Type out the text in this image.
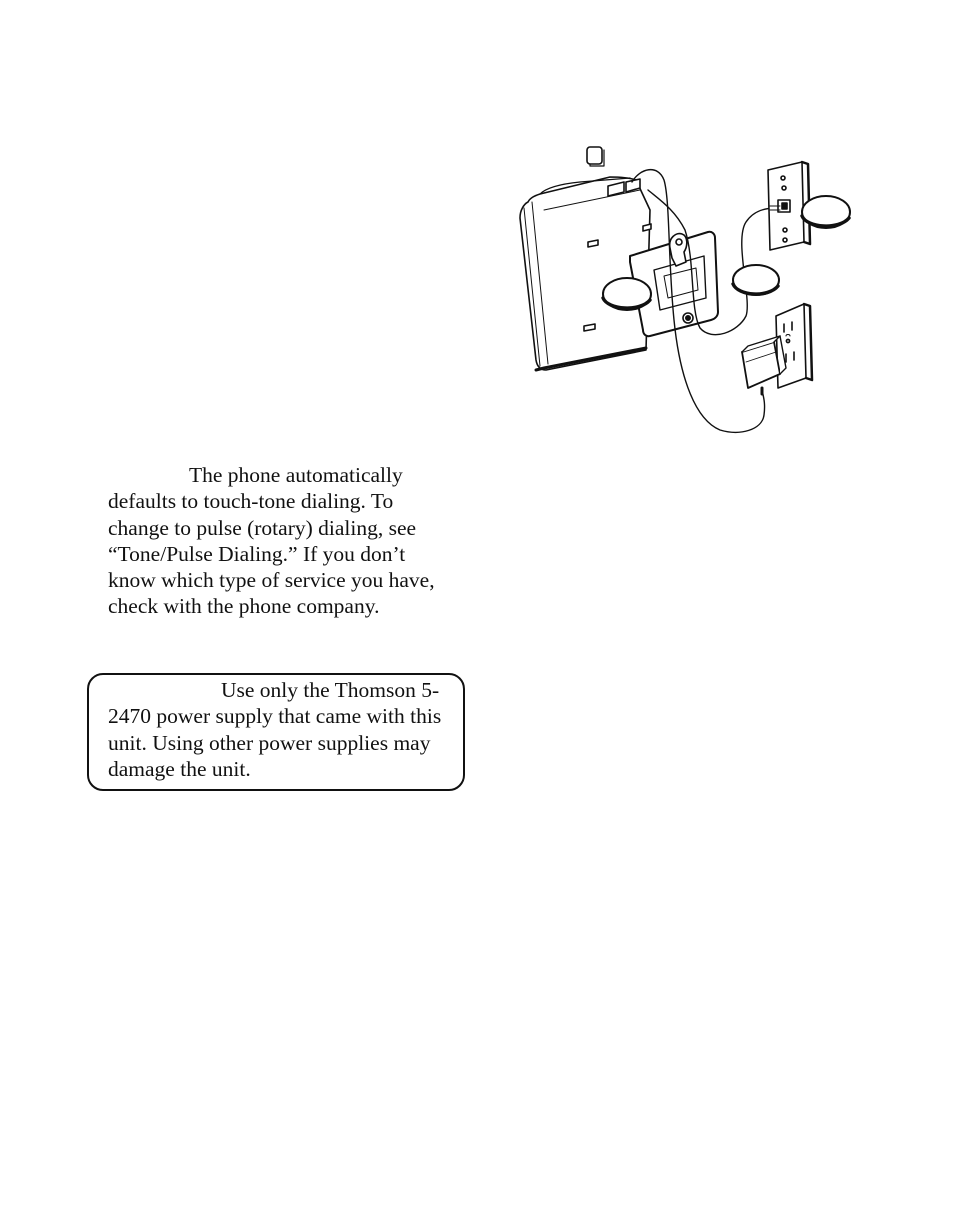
The phone automatically defaults to touch-tone dialing. To change to pulse (rotary) dialing, see “Tone/Pulse Dialing.” If you don’t know which type of service you have, check with the phone company.

Use only the Thomson 5-2470 power supply that came with this unit. Using other power supplies may damage the unit.
